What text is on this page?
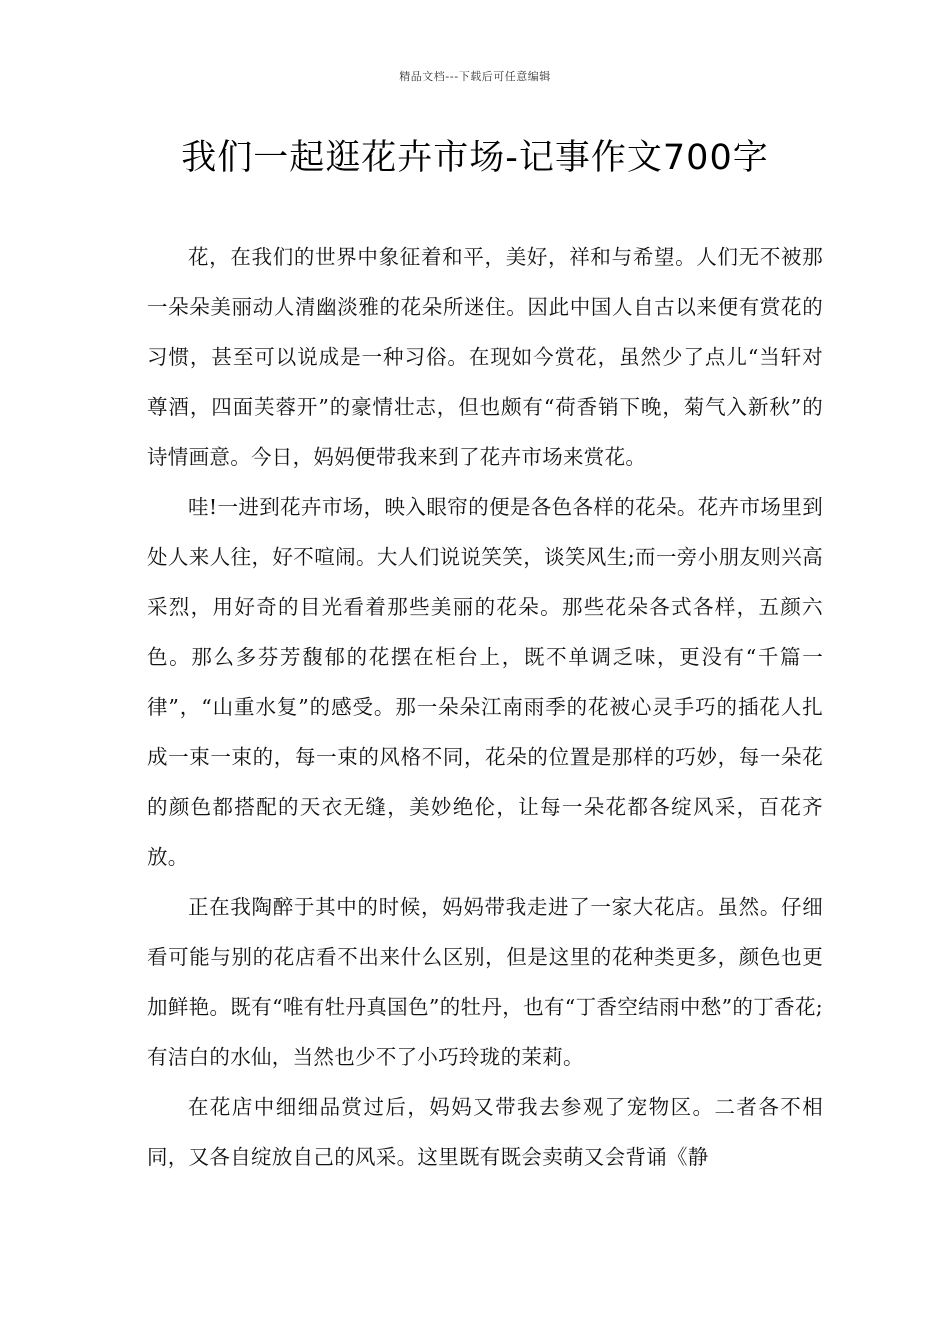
精品文档---下载后可任意编辑
我们一起逛花卉市场-记事作文700字

花，在我们的世界中象征着和平，美好，祥和与希望。人们无不被那一朵朵美丽动人清幽淡雅的花朵所迷住。因此中国人自古以来便有赏花的习惯，甚至可以说成是一种习俗。在现如今赏花，虽然少了点儿“当轩对尊酒，四面芙蓉开”的豪情壮志，但也颇有“荷香销下晚，菊气入新秋”的诗情画意。今日，妈妈便带我来到了花卉市场来赏花。

哇!一进到花卉市场，映入眼帘的便是各色各样的花朵。花卉市场里到处人来人往，好不喧闹。大人们说说笑笑，谈笑风生;而一旁小朋友则兴高采烈，用好奇的目光看着那些美丽的花朵。那些花朵各式各样，五颜六色。那么多芬芳馥郁的花摆在柜台上，既不单调乏味，更没有“千篇一律”，“山重水复”的感受。那一朵朵江南雨季的花被心灵手巧的插花人扎成一束一束的，每一束的风格不同，花朵的位置是那样的巧妙，每一朵花的颜色都搭配的天衣无缝，美妙绝伦，让每一朵花都各绽风采，百花齐放。

正在我陶醉于其中的时候，妈妈带我走进了一家大花店。虽然。仔细看可能与别的花店看不出来什么区别，但是这里的花种类更多，颜色也更加鲜艳。既有“唯有牡丹真国色”的牡丹，也有“丁香空结雨中愁”的丁香花;有洁白的水仙，当然也少不了小巧玲珑的茉莉。

在花店中细细品赏过后，妈妈又带我去参观了宠物区。二者各不相同，又各自绽放自己的风采。这里既有既会卖萌又会背诵《静
